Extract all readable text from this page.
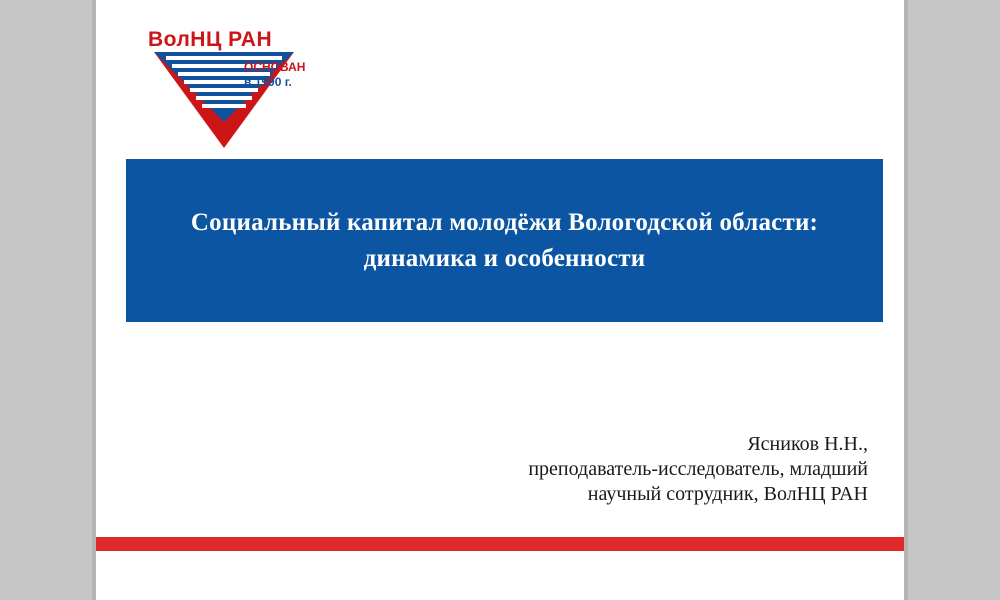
ВолНЦ РАН
ОСНОВАН
в 1990 г.
Социальный капитал молодёжи Вологодской области:
динамика и особенности
Ясников Н.Н.,
преподаватель-исследователь, младший
научный сотрудник, ВолНЦ РАН
